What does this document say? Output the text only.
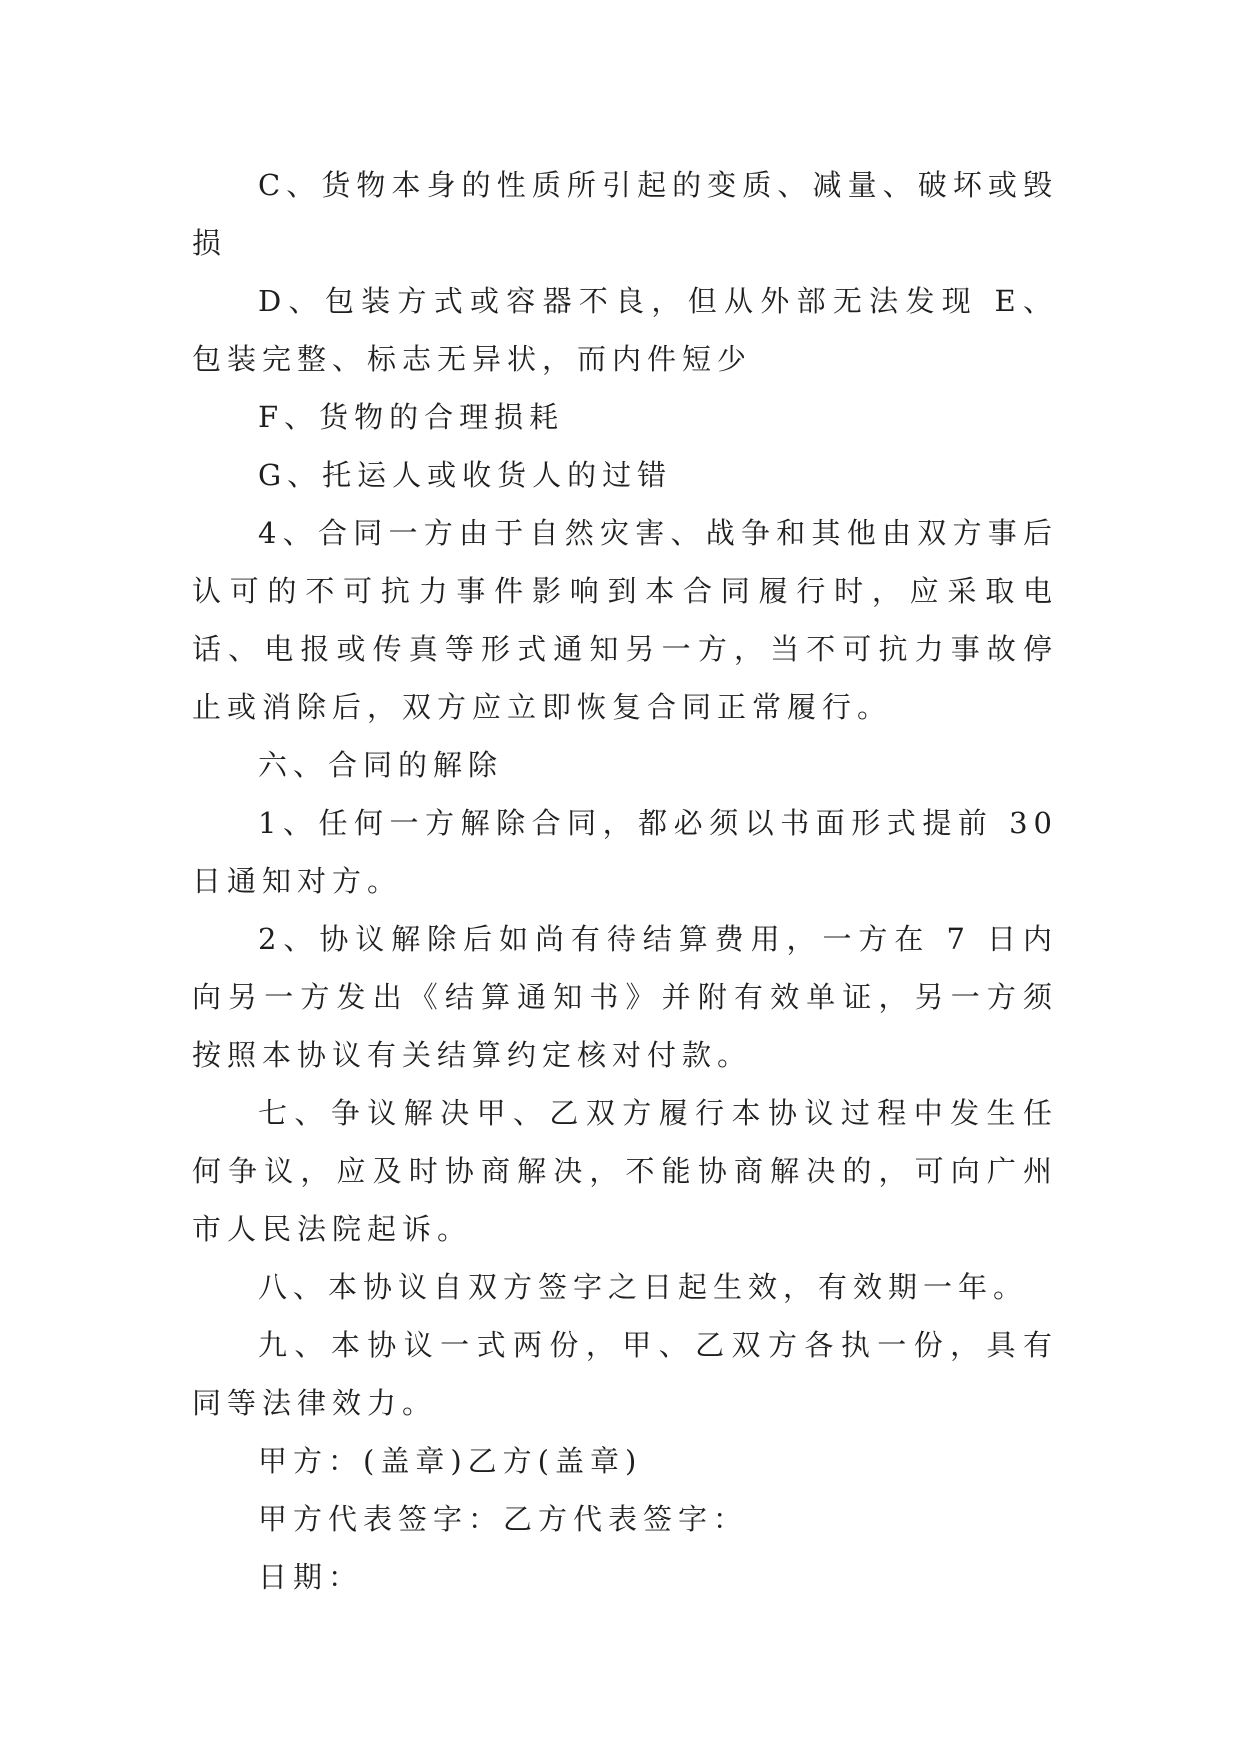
C、货物本身的性质所引起的变质、减量、破坏或毁损

D、包装方式或容器不良，但从外部无法发现 E、包装完整、标志无异状，而内件短少

F、货物的合理损耗

G、托运人或收货人的过错

4、合同一方由于自然灾害、战争和其他由双方事后认可的不可抗力事件影响到本合同履行时，应采取电话、电报或传真等形式通知另一方，当不可抗力事故停止或消除后，双方应立即恢复合同正常履行。

六、合同的解除

1、任何一方解除合同，都必须以书面形式提前 30 日通知对方。

2、协议解除后如尚有待结算费用，一方在 7 日内向另一方发出《结算通知书》并附有效单证，另一方须按照本协议有关结算约定核对付款。

七、争议解决甲、乙双方履行本协议过程中发生任何争议，应及时协商解决，不能协商解决的，可向广州市人民法院起诉。

八、本协议自双方签字之日起生效，有效期一年。

九、本协议一式两份，甲、乙双方各执一份，具有同等法律效力。

甲方：(盖章)乙方(盖章)

甲方代表签字：乙方代表签字：

日期：
